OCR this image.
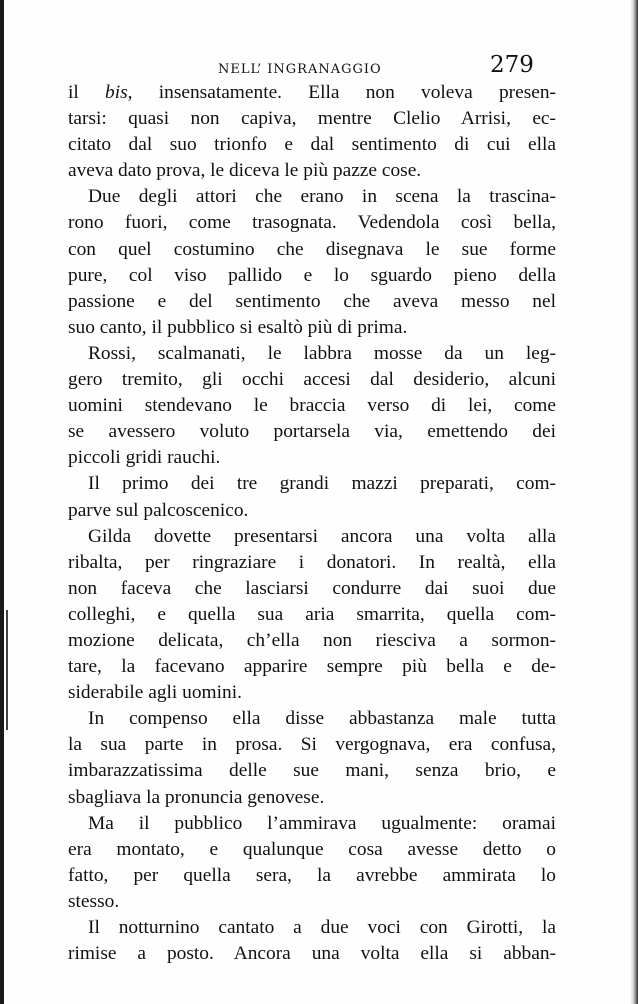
NELL’ INGRANAGGIO	279
il bis, insensatamente. Ella non voleva presen-
tarsi: quasi non capiva, mentre Clelio Arrisi, ec-
citato dal suo trionfo e dal sentimento di cui ella
aveva dato prova, le diceva le più pazze cose.
Due degli attori che erano in scena la trascina-
rono fuori, come trasognata. Vedendola così bella,
con quel costumino che disegnava le sue forme
pure, col viso pallido e lo sguardo pieno della
passione e del sentimento che aveva messo nel
suo canto, il pubblico si esaltò più di prima.
Rossi, scalmanati, le labbra mosse da un leg-
gero tremito, gli occhi accesi dal desiderio, alcuni
uomini stendevano le braccia verso di lei, come
se avessero voluto portarsela via, emettendo dei
piccoli gridi rauchi.
Il primo dei tre grandi mazzi preparati, com-
parve sul palcoscenico.
Gilda dovette presentarsi ancora una volta alla
ribalta, per ringraziare i donatori. In realtà, ella
non faceva che lasciarsi condurre dai suoi due
colleghi, e quella sua aria smarrita, quella com-
mozione delicata, ch’ella non riesciva a sormon-
tare, la facevano apparire sempre più bella e de-
siderabile agli uomini.
In compenso ella disse abbastanza male tutta
la sua parte in prosa. Si vergognava, era confusa,
imbarazzatissima delle sue mani, senza brio, e
sbagliava la pronuncia genovese.
Ma il pubblico l’ammirava ugualmente: oramai
era montato, e qualunque cosa avesse detto o
fatto, per quella sera, la avrebbe ammirata lo
stesso.
Il notturnino cantato a due voci con Girotti, la
rimise a posto. Ancora una volta ella si abban-
